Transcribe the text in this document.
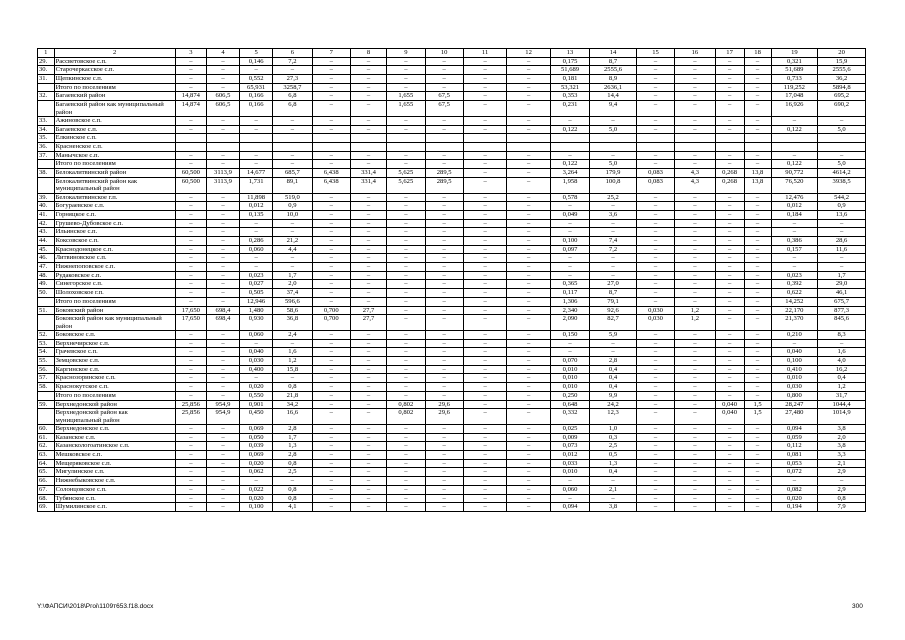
1	2	3	4	5	6	7	8	9	10	11	12	13	14	15	16	17	18	19	20
29.	Рассветовское с.п.	–	–	0,146	7,2	–	–	–	–	–	–	0,175	8,7	–	–	–	–	0,321	15,9
30.	Старочеркасское с.п.	–	–	–	–	–	–	–	–	–	–	51,689	2555,6	–	–	–	–	51,689	2555,6
31.	Щепкинское с.п.	–	–	0,552	27,3	–	–	–	–	–	–	0,181	8,9	–	–	–	–	0,733	36,2
	Итого по поселениям	–	–	65,931	3258,7	–	–	–	–	–	–	53,321	2636,1	–	–	–	–	119,252	5894,8
32.	Багаевский район	14,874	606,5	0,166	6,8	–	–	1,655	67,5	–	–	0,353	14,4	–	–	–	–	17,048	695,2
	Багаевский район как муниципальный район	14,874	606,5	0,166	6,8	–	–	1,655	67,5	–	–	0,231	9,4	–	–	–	–	16,926	690,2
33.	Ажиновское с.п.	–	–	–	–	–	–	–	–	–	–	–	–	–	–	–	–	–	–
34.	Багаевское с.п.	–	–	–	–	–	–	–	–	–	–	0,122	5,0	–	–	–	–	0,122	5,0
35.	Елкинское с.п.																		
36.	Красненское с.п.																		
37.	Манычское с.п.	–	–	–	–	–	–	–	–	–	–	–	–	–	–	–	–	–	–
	Итого по поселениям	–	–	–	–	–	–	–	–	–	–	0,122	5,0	–	–	–	–	0,122	5,0
38.	Белокалитвинский район	60,500	3113,9	14,677	685,7	6,438	331,4	5,625	289,5	–	–	3,264	179,9	0,083	4,3	0,268	13,8	90,772	4614,2
	Белокалитвинский район как муниципальный район	60,500	3113,9	1,731	89,1	6,438	331,4	5,625	289,5	–	–	1,958	100,8	0,083	4,3	0,268	13,8	76,520	3938,5
39.	Белокалитвинское г.п.	–	–	11,898	519,0	–	–	–	–	–	–	0,578	25,2	–	–	–	–	12,476	544,2
40.	Богураевское с.п.	–	–	0,012	0,9	–	–	–	–	–	–	–	–	–	–	–	–	0,012	0,9
41.	Горняцкое с.п.	–	–	0,135	10,0	–	–	–	–	–	–	0,049	3,6	–	–	–	–	0,184	13,6
42.	Грушево-Дубовское с.п.	–	–	–	–	–	–	–	–	–	–	–	–	–	–	–	–	–	–
43.	Ильинское с.п.	–	–	–	–	–	–	–	–	–	–	–	–	–	–	–	–	–	–
44.	Коксовское с.п.	–	–	0,286	21,2	–	–	–	–	–	–	0,100	7,4	–	–	–	–	0,386	28,6
45.	Краснодонецкое с.п.	–	–	0,060	4,4	–	–	–	–	–	–	0,097	7,2	–	–	–	–	0,157	11,6
46.	Литвиновское с.п.	–	–	–	–	–	–	–	–	–	–	–	–	–	–	–	–	–	–
47.	Нижнепоповское с.п.	–	–	–	–	–	–	–	–	–	–	–	–	–	–	–	–	–	–
48.	Рудаковское с.п.	–	–	0,023	1,7	–	–	–	–	–	–	–	–	–	–	–	–	0,023	1,7
49.	Синегорское с.п.	–	–	0,027	2,0	–	–	–	–	–	–	0,365	27,0	–	–	–	–	0,392	29,0
50.	Шолоховское г.п.	–	–	0,505	37,4	–	–	–	–	–	–	0,117	8,7	–	–	–	–	0,622	46,1
	Итого по поселениям	–	–	12,946	596,6	–	–	–	–	–	–	1,306	79,1	–	–	–	–	14,252	675,7
51.	Боковский район	17,650	698,4	1,480	58,6	0,700	27,7	–	–	–	–	2,340	92,6	0,030	1,2	–	–	22,170	877,3
	Боковский район как муниципальный район	17,650	698,4	0,930	36,8	0,700	27,7	–	–	–	–	2,090	82,7	0,030	1,2	–	–	21,370	845,6
52.	Боковское с.п.	–	–	0,060	2,4	–	–	–	–	–	–	0,150	5,9	–	–	–	–	0,210	8,3
53.	Верхнечирское с.п.	–	–	–	–	–	–	–	–	–	–	–	–	–	–	–	–	–	–
54.	Грачевское с.п.	–	–	0,040	1,6	–	–	–	–	–	–	–	–	–	–	–	–	0,040	1,6
55.	Земцовское с.п.	–	–	0,030	1,2	–	–	–	–	–	–	0,070	2,8	–	–	–	–	0,100	4,0
56.	Каргинское с.п.	–	–	0,400	15,8	–	–	–	–	–	–	0,010	0,4	–	–	–	–	0,410	16,2
57.	Краснозоринское с.п.	–	–	–	–	–	–	–	–	–	–	0,010	0,4	–	–	–	–	0,010	0,4
58.	Краснокутское с.п.	–	–	0,020	0,8	–	–	–	–	–	–	0,010	0,4	–	–	–	–	0,030	1,2
	Итого по поселениям	–	–	0,550	21,8	–	–	–	–	–	–	0,250	9,9	–	–	–	–	0,800	31,7
59.	Верхнедонской район	25,856	954,9	0,901	34,2	–	–	0,802	29,6	–	–	0,648	24,2	–	–	0,040	1,5	28,247	1044,4
	Верхнедонской район как муниципальный район	25,856	954,9	0,450	16,6	–	–	0,802	29,6	–	–	0,332	12,3	–	–	0,040	1,5	27,480	1014,9
60.	Верхнедонское с.п.	–	–	0,069	2,8	–	–	–	–	–	–	0,025	1,0	–	–	–	–	0,094	3,8
61.	Казанское с.п.	–	–	0,050	1,7	–	–	–	–	–	–	0,009	0,3	–	–	–	–	0,059	2,0
62.	Казанскологоатинское с.п.	–	–	0,039	1,3	–	–	–	–	–	–	0,073	2,5	–	–	–	–	0,112	3,8
63.	Мешковское с.п.	–	–	0,069	2,8	–	–	–	–	–	–	0,012	0,5	–	–	–	–	0,081	3,3
64.	Мещеряковское с.п.	–	–	0,020	0,8	–	–	–	–	–	–	0,033	1,3	–	–	–	–	0,053	2,1
65.	Мигулинское с.п.	–	–	0,062	2,5	–	–	–	–	–	–	0,010	0,4	–	–	–	–	0,072	2,9
66.	Нижнебыковское с.п.	–	–	–	–	–	–	–	–	–	–	–	–	–	–	–	–	–	–
67.	Солонцовское с.п.	–	–	0,022	0,8	–	–	–	–	–	–	0,060	2,1	–	–	–	–	0,082	2,9
68.	Тубянское с.п.	–	–	0,020	0,8	–	–	–	–	–	–	–	–	–	–	–	–	0,020	0,8
69.	Шумилинское с.п.	–	–	0,100	4,1	–	–	–	–	–	–	0,094	3,8	–	–	–	–	0,194	7,9
Y:\ФАПСИ\2018\Ргоi\1109т653.f18.docx	300
